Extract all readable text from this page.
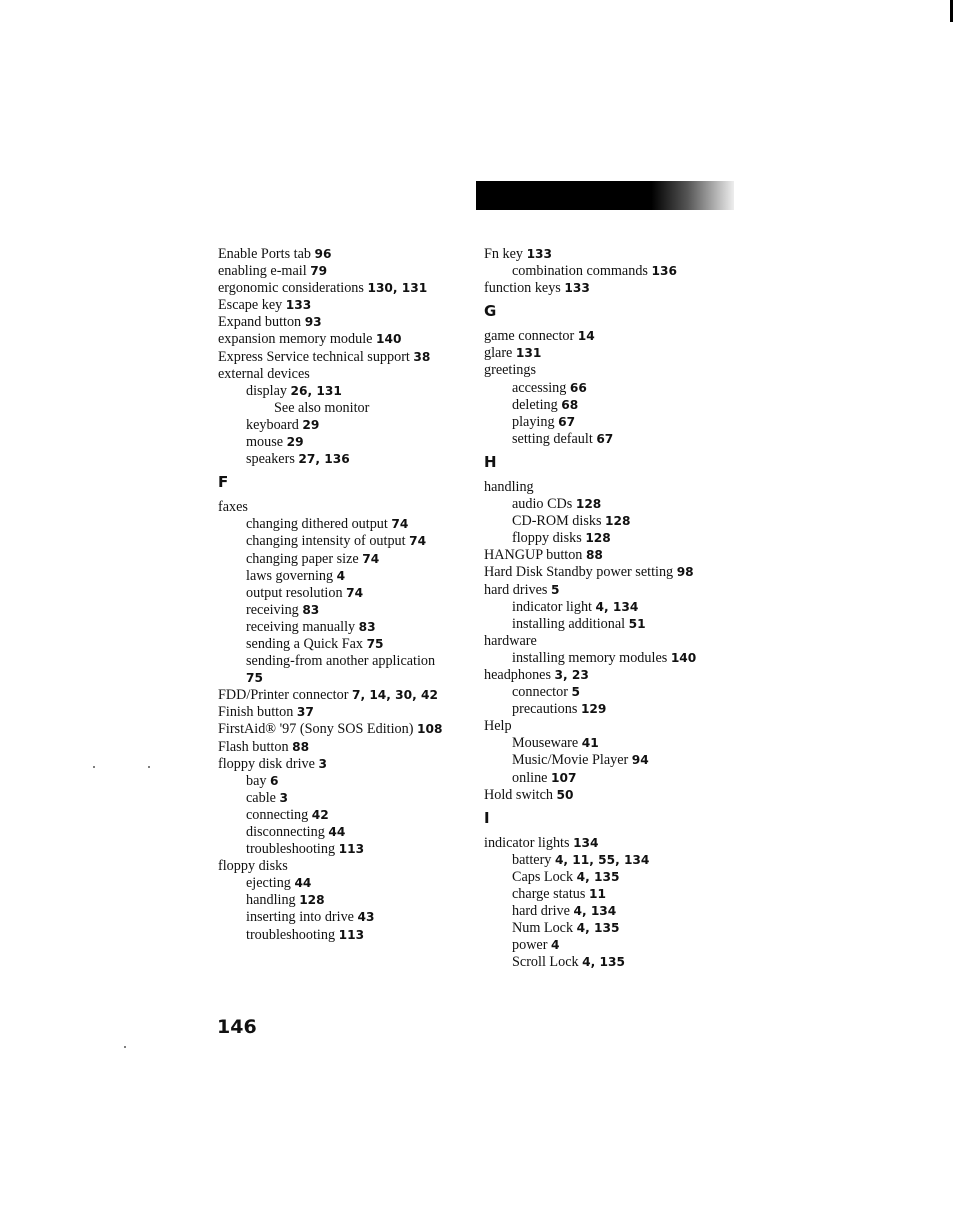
Enable Ports tab 96
enabling e-mail 79
ergonomic considerations 130, 131
Escape key 133
Expand button 93
expansion memory module 140
Express Service technical support 38
external devices
display 26, 131
See also monitor
keyboard 29
mouse 29
speakers 27, 136
F
faxes
changing dithered output 74
changing intensity of output 74
changing paper size 74
laws governing 4
output resolution 74
receiving 83
receiving manually 83
sending a Quick Fax 75
sending-from another application
75
FDD/Printer connector 7, 14, 30, 42
Finish button 37
FirstAid® '97 (Sony SOS Edition) 108
Flash button 88
floppy disk drive 3
bay 6
cable 3
connecting 42
disconnecting 44
troubleshooting 113
floppy disks
ejecting 44
handling 128
inserting into drive 43
troubleshooting 113
Fn key 133
combination commands 136
function keys 133
G
game connector 14
glare 131
greetings
accessing 66
deleting 68
playing 67
setting default 67
H
handling
audio CDs 128
CD-ROM disks 128
floppy disks 128
HANGUP button 88
Hard Disk Standby power setting 98
hard drives 5
indicator light 4, 134
installing additional 51
hardware
installing memory modules 140
headphones 3, 23
connector 5
precautions 129
Help
Mouseware 41
Music/Movie Player 94
online 107
Hold switch 50
I
indicator lights 134
battery 4, 11, 55, 134
Caps Lock 4, 135
charge status 11
hard drive 4, 134
Num Lock 4, 135
power 4
Scroll Lock 4, 135
146
